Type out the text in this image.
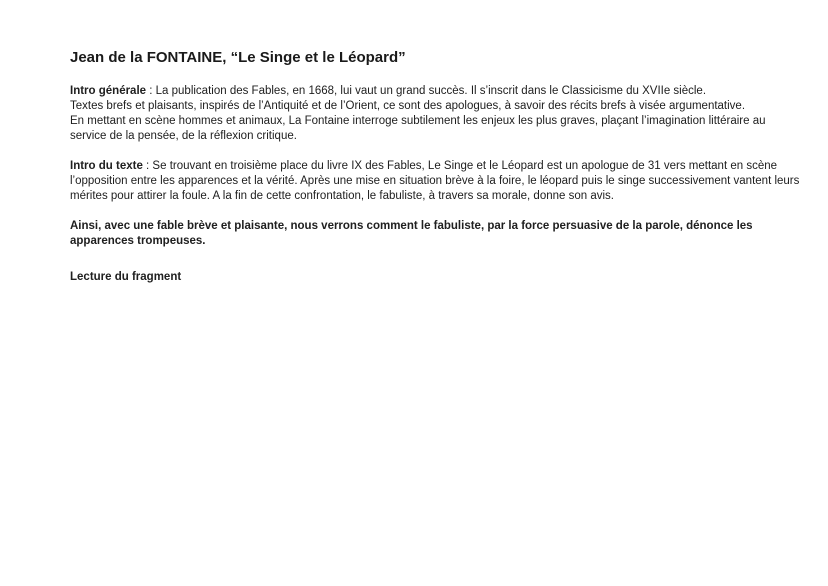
Jean de la FONTAINE, “Le Singe et le Léopard”

Intro générale : La publication des Fables, en 1668, lui vaut un grand succès. Il s’inscrit dans le Classicisme du XVIIe siècle.
Textes brefs et plaisants, inspirés de l’Antiquité et de l’Orient, ce sont des apologues, à savoir des récits brefs à visée argumentative.
En mettant en scène hommes et animaux, La Fontaine interroge subtilement les enjeux les plus graves, plaçant l’imagination littéraire au
service de la pensée, de la réflexion critique.

Intro du texte : Se trouvant en troisième place du livre IX des Fables, Le Singe et le Léopard est un apologue de 31 vers mettant en scène
l’opposition entre les apparences et la vérité. Après une mise en situation brève à la foire, le léopard puis le singe successivement vantent leurs
mérites pour attirer la foule. A la fin de cette confrontation, le fabuliste, à travers sa morale, donne son avis.

Ainsi, avec une fable brève et plaisante, nous verrons comment le fabuliste, par la force persuasive de la parole, dénonce les
apparences trompeuses.

Lecture du fragment
